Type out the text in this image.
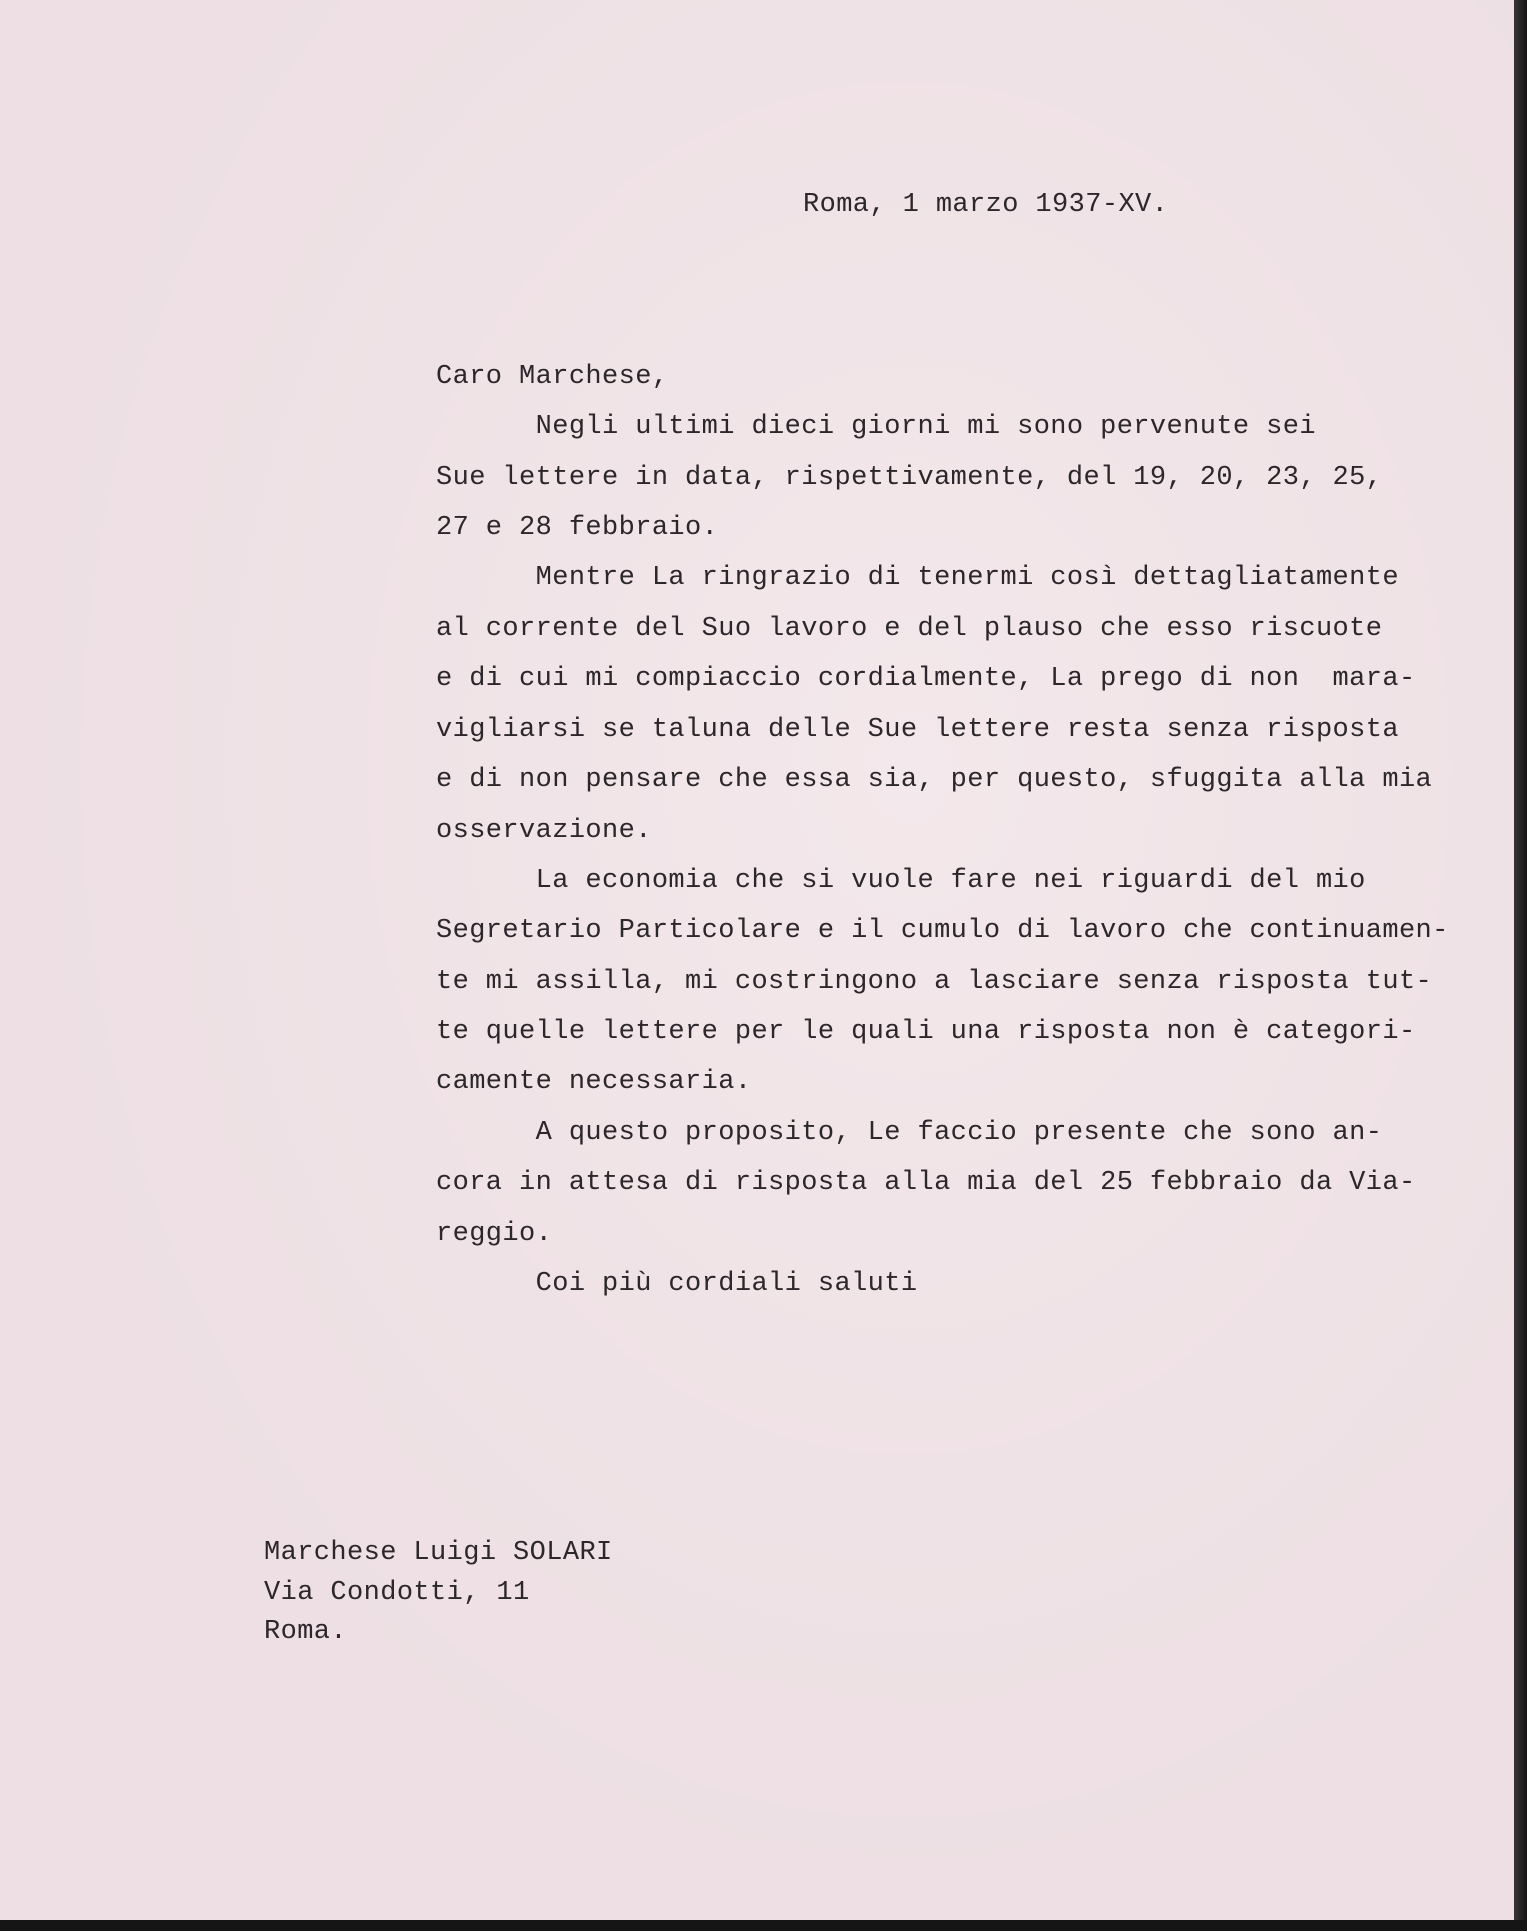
Roma, 1 marzo 1937-XV.

Caro Marchese,

Negli ultimi dieci giorni mi sono pervenute sei

Sue lettere in data, rispettivamente, del 19, 20, 23, 25,

27 e 28 febbraio.

Mentre La ringrazio di tenermi così dettagliatamente

al corrente del Suo lavoro e del plauso che esso riscuote

e di cui mi compiaccio cordialmente, La prego di non  mara-

vigliarsi se taluna delle Sue lettere resta senza risposta

e di non pensare che essa sia, per questo, sfuggita alla mia

osservazione.

La economia che si vuole fare nei riguardi del mio

Segretario Particolare e il cumulo di lavoro che continuamen-

te mi assilla, mi costringono a lasciare senza risposta tut-

te quelle lettere per le quali una risposta non è categori-

camente necessaria.

A questo proposito, Le faccio presente che sono an-

cora in attesa di risposta alla mia del 25 febbraio da Via-

reggio.

Coi più cordiali saluti

Marchese Luigi SOLARI

Via Condotti, 11

Roma.
